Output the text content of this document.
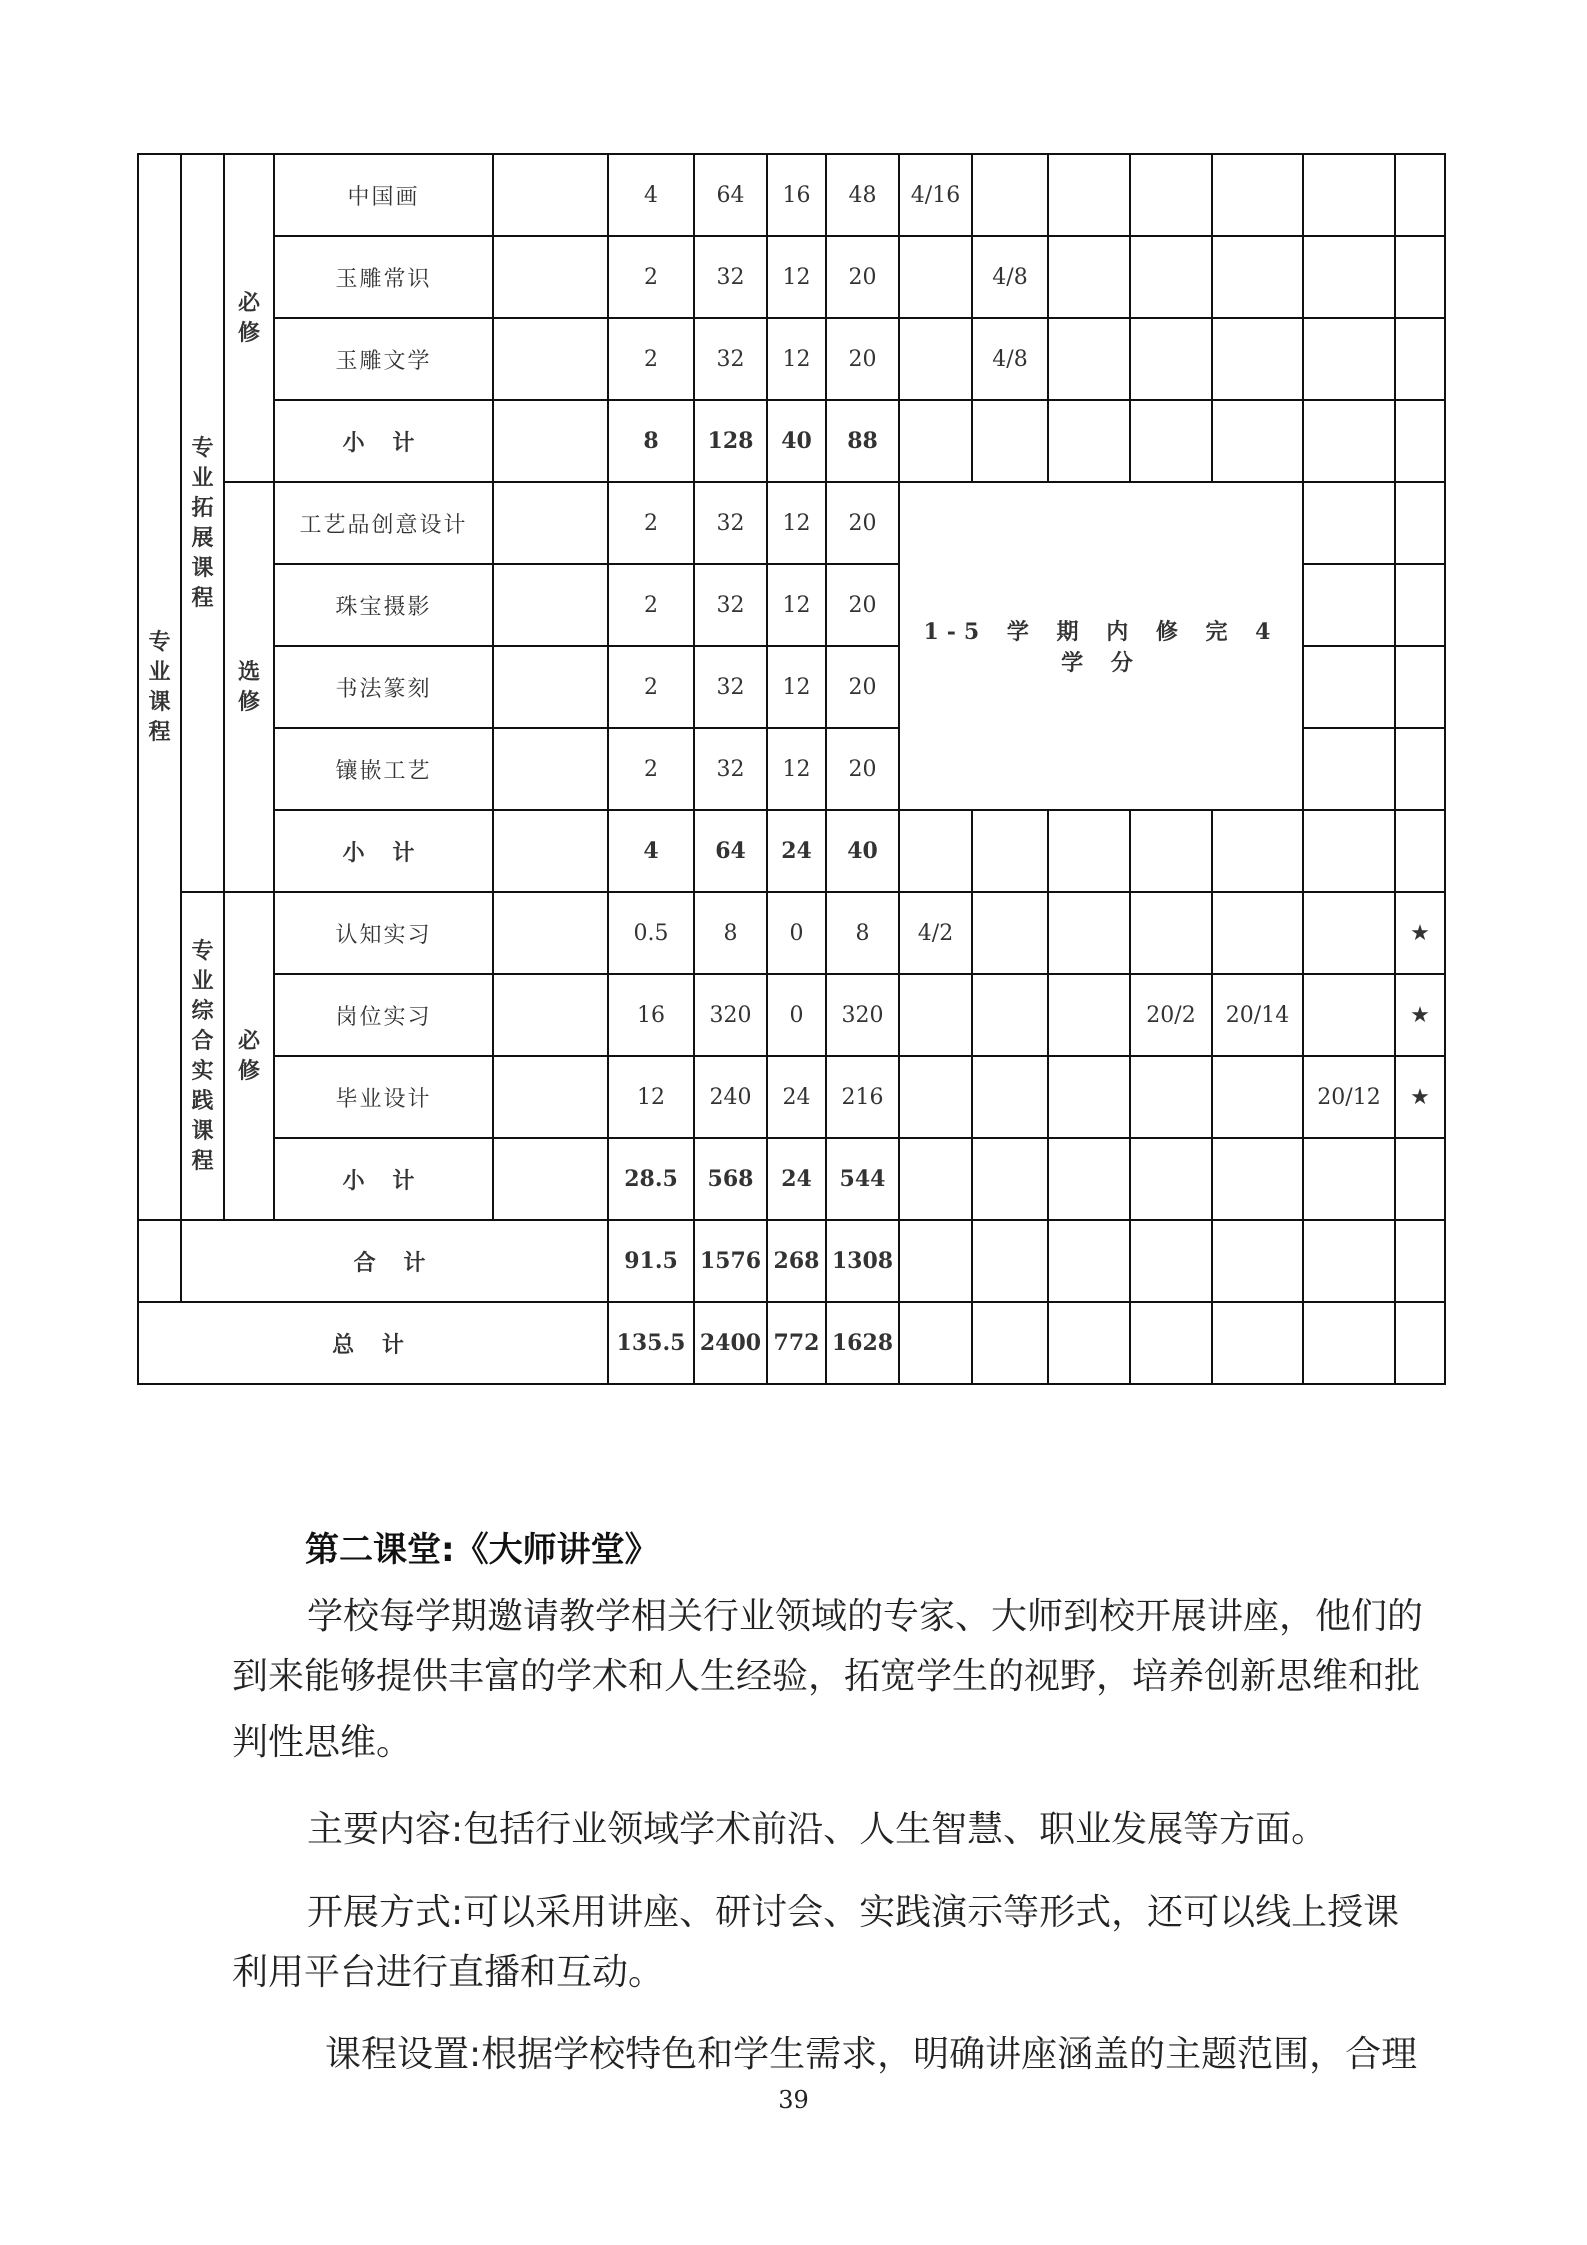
专业课程	专业拓展课程	必修	中国画		4	64	16	48	4/16						
			玉雕常识		2	32	12	20		4/8					
			玉雕文学		2	32	12	20		4/8					
			小 计		8	128	40	88							
		选修	工艺品创意设计		2	32	12	20	1-5 学 期 内 修 完 4 学 分						
			珠宝摄影		2	32	12	20							
			书法篆刻		2	32	12	20							
			镶嵌工艺		2	32	12	20							
			小 计		4	64	24	40							
	专业综合实践课程	必修	认知实习		0.5	8	0	8	4/2						★
			岗位实习		16	320	0	320				20/2	20/14		★
			毕业设计		12	240	24	216						20/12	★
			小 计		28.5	568	24	544							
	合 计				91.5	1576	268	1308							
总 计					135.5	2400	772	1628							
第二课堂:《大师讲堂》
学校每学期邀请教学相关行业领域的专家、大师到校开展讲座，他们的
到来能够提供丰富的学术和人生经验，拓宽学生的视野，培养创新思维和批
判性思维。
主要内容:包括行业领域学术前沿、人生智慧、职业发展等方面。
开展方式:可以采用讲座、研讨会、实践演示等形式，还可以线上授课
利用平台进行直播和互动。
课程设置:根据学校特色和学生需求，明确讲座涵盖的主题范围，合理
39
